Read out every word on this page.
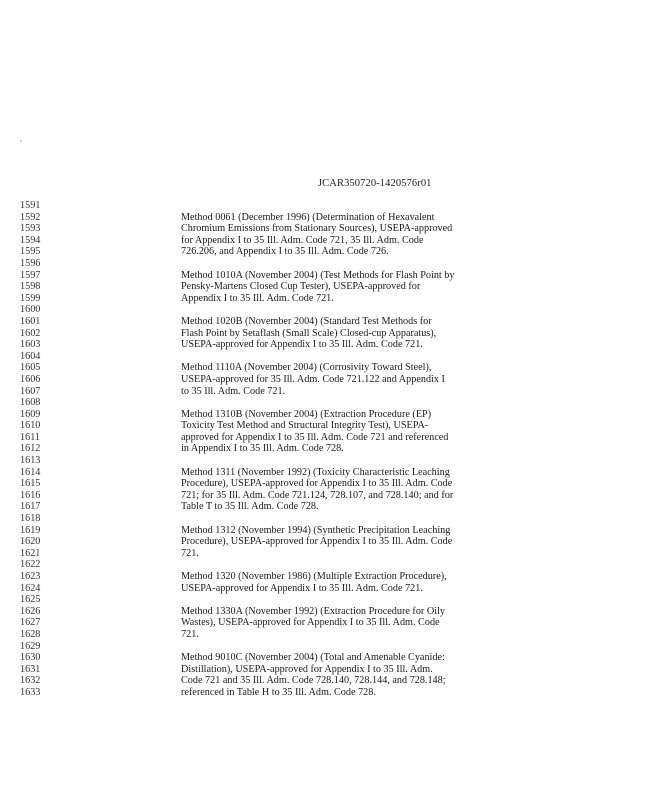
,
JCAR350720-1420576r01
1591
1592	Method 0061 (December 1996) (Determination of Hexavalent
1593	Chromium Emissions from Stationary Sources), USEPA-approved
1594	for Appendix I to 35 Ill. Adm. Code 721, 35 Ill. Adm. Code
1595	726.206, and Appendix I to 35 Ill. Adm. Code 726.
1596
1597	Method 1010A (November 2004) (Test Methods for Flash Point by
1598	Pensky-Martens Closed Cup Tester), USEPA-approved for
1599	Appendix I to 35 Ill. Adm. Code 721.
1600
1601	Method 1020B (November 2004) (Standard Test Methods for
1602	Flash Point by Setaflash (Small Scale) Closed-cup Apparatus),
1603	USEPA-approved for Appendix I to 35 Ill. Adm. Code 721.
1604
1605	Method 1110A (November 2004) (Corrosivity Toward Steel),
1606	USEPA-approved for 35 Ill. Adm. Code 721.122 and Appendix I
1607	to 35 Ill. Adm. Code 721.
1608
1609	Method 1310B (November 2004) (Extraction Procedure (EP)
1610	Toxicity Test Method and Structural Integrity Test), USEPA-
1611	approved for Appendix I to 35 Ill. Adm. Code 721 and referenced
1612	in Appendix I to 35 Ill. Adm. Code 728.
1613
1614	Method 1311 (November 1992) (Toxicity Characteristic Leaching
1615	Procedure), USEPA-approved for Appendix I to 35 Ill. Adm. Code
1616	721; for 35 Ill. Adm. Code 721.124, 728.107, and 728.140; and for
1617	Table T to 35 Ill. Adm. Code 728.
1618
1619	Method 1312 (November 1994) (Synthetic Precipitation Leaching
1620	Procedure), USEPA-approved for Appendix I to 35 Ill. Adm. Code
1621	721.
1622
1623	Method 1320 (November 1986) (Multiple Extraction Procedure),
1624	USEPA-approved for Appendix I to 35 Ill. Adm. Code 721.
1625
1626	Method 1330A (November 1992) (Extraction Procedure for Oily
1627	Wastes), USEPA-approved for Appendix I to 35 Ill. Adm. Code
1628	721.
1629
1630	Method 9010C (November 2004) (Total and Amenable Cyanide:
1631	Distillation), USEPA-approved for Appendix I to 35 Ill. Adm.
1632	Code 721 and 35 Ill. Adm. Code 728.140, 728.144, and 728.148;
1633	referenced in Table H to 35 Ill. Adm. Code 728.
